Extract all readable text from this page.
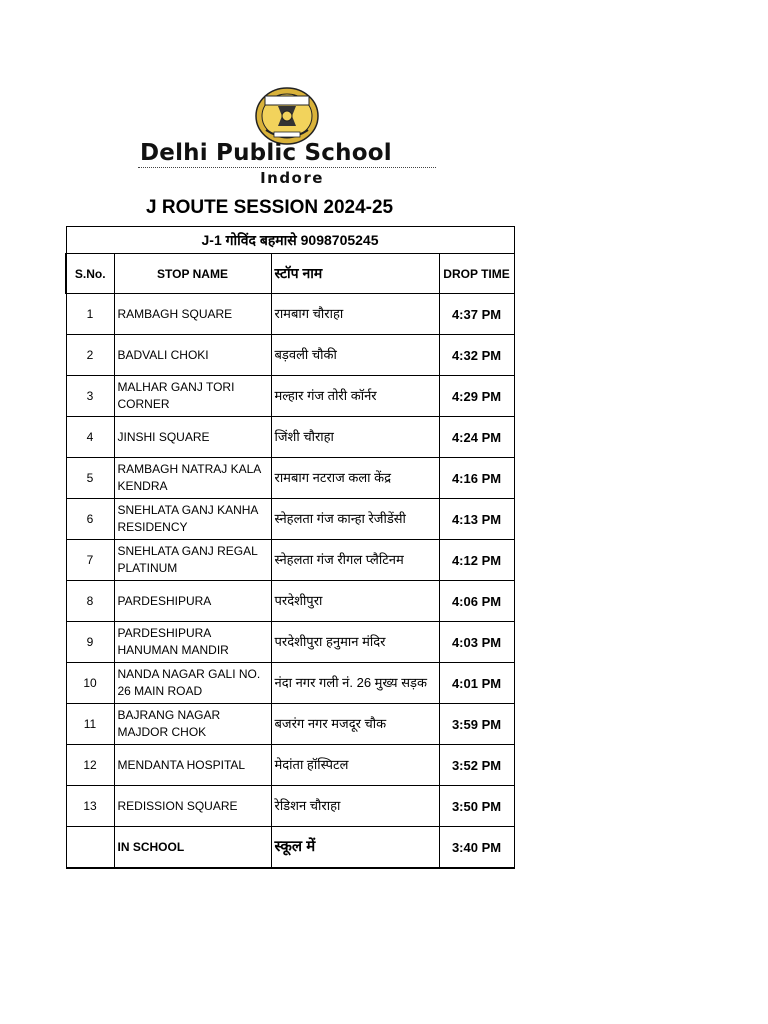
Delhi Public School
Indore
J ROUTE SESSION 2024-25
J-1 गोविंद बहमासे 9098705245			
S.No.	STOP NAME	स्टॉप नाम	DROP TIME
1	RAMBAGH SQUARE	रामबाग चौराहा	4:37 PM
2	BADVALI CHOKI	बड़वली चौकी	4:32 PM
3	MALHAR GANJ TORI CORNER	मल्हार गंज तोरी कॉर्नर	4:29 PM
4	JINSHI SQUARE	जिंशी चौराहा	4:24 PM
5	RAMBAGH NATRAJ KALA KENDRA	रामबाग नटराज कला केंद्र	4:16 PM
6	SNEHLATA GANJ KANHA RESIDENCY	स्नेहलता गंज कान्हा रेजीडेंसी	4:13 PM
7	SNEHLATA GANJ REGAL PLATINUM	स्नेहलता गंज रीगल प्लैटिनम	4:12 PM
8	PARDESHIPURA	परदेशीपुरा	4:06 PM
9	PARDESHIPURA HANUMAN MANDIR	परदेशीपुरा हनुमान मंदिर	4:03 PM
10	NANDA NAGAR GALI NO. 26 MAIN ROAD	नंदा नगर गली नं. 26 मुख्य सड़क	4:01 PM
11	BAJRANG NAGAR MAJDOR CHOK	बजरंग नगर मजदूर चौक	3:59 PM
12	MENDANTA HOSPITAL	मेदांता हॉस्पिटल	3:52 PM
13	REDISSION SQUARE	रेडिशन चौराहा	3:50 PM
	IN SCHOOL	स्कूल में	3:40 PM
